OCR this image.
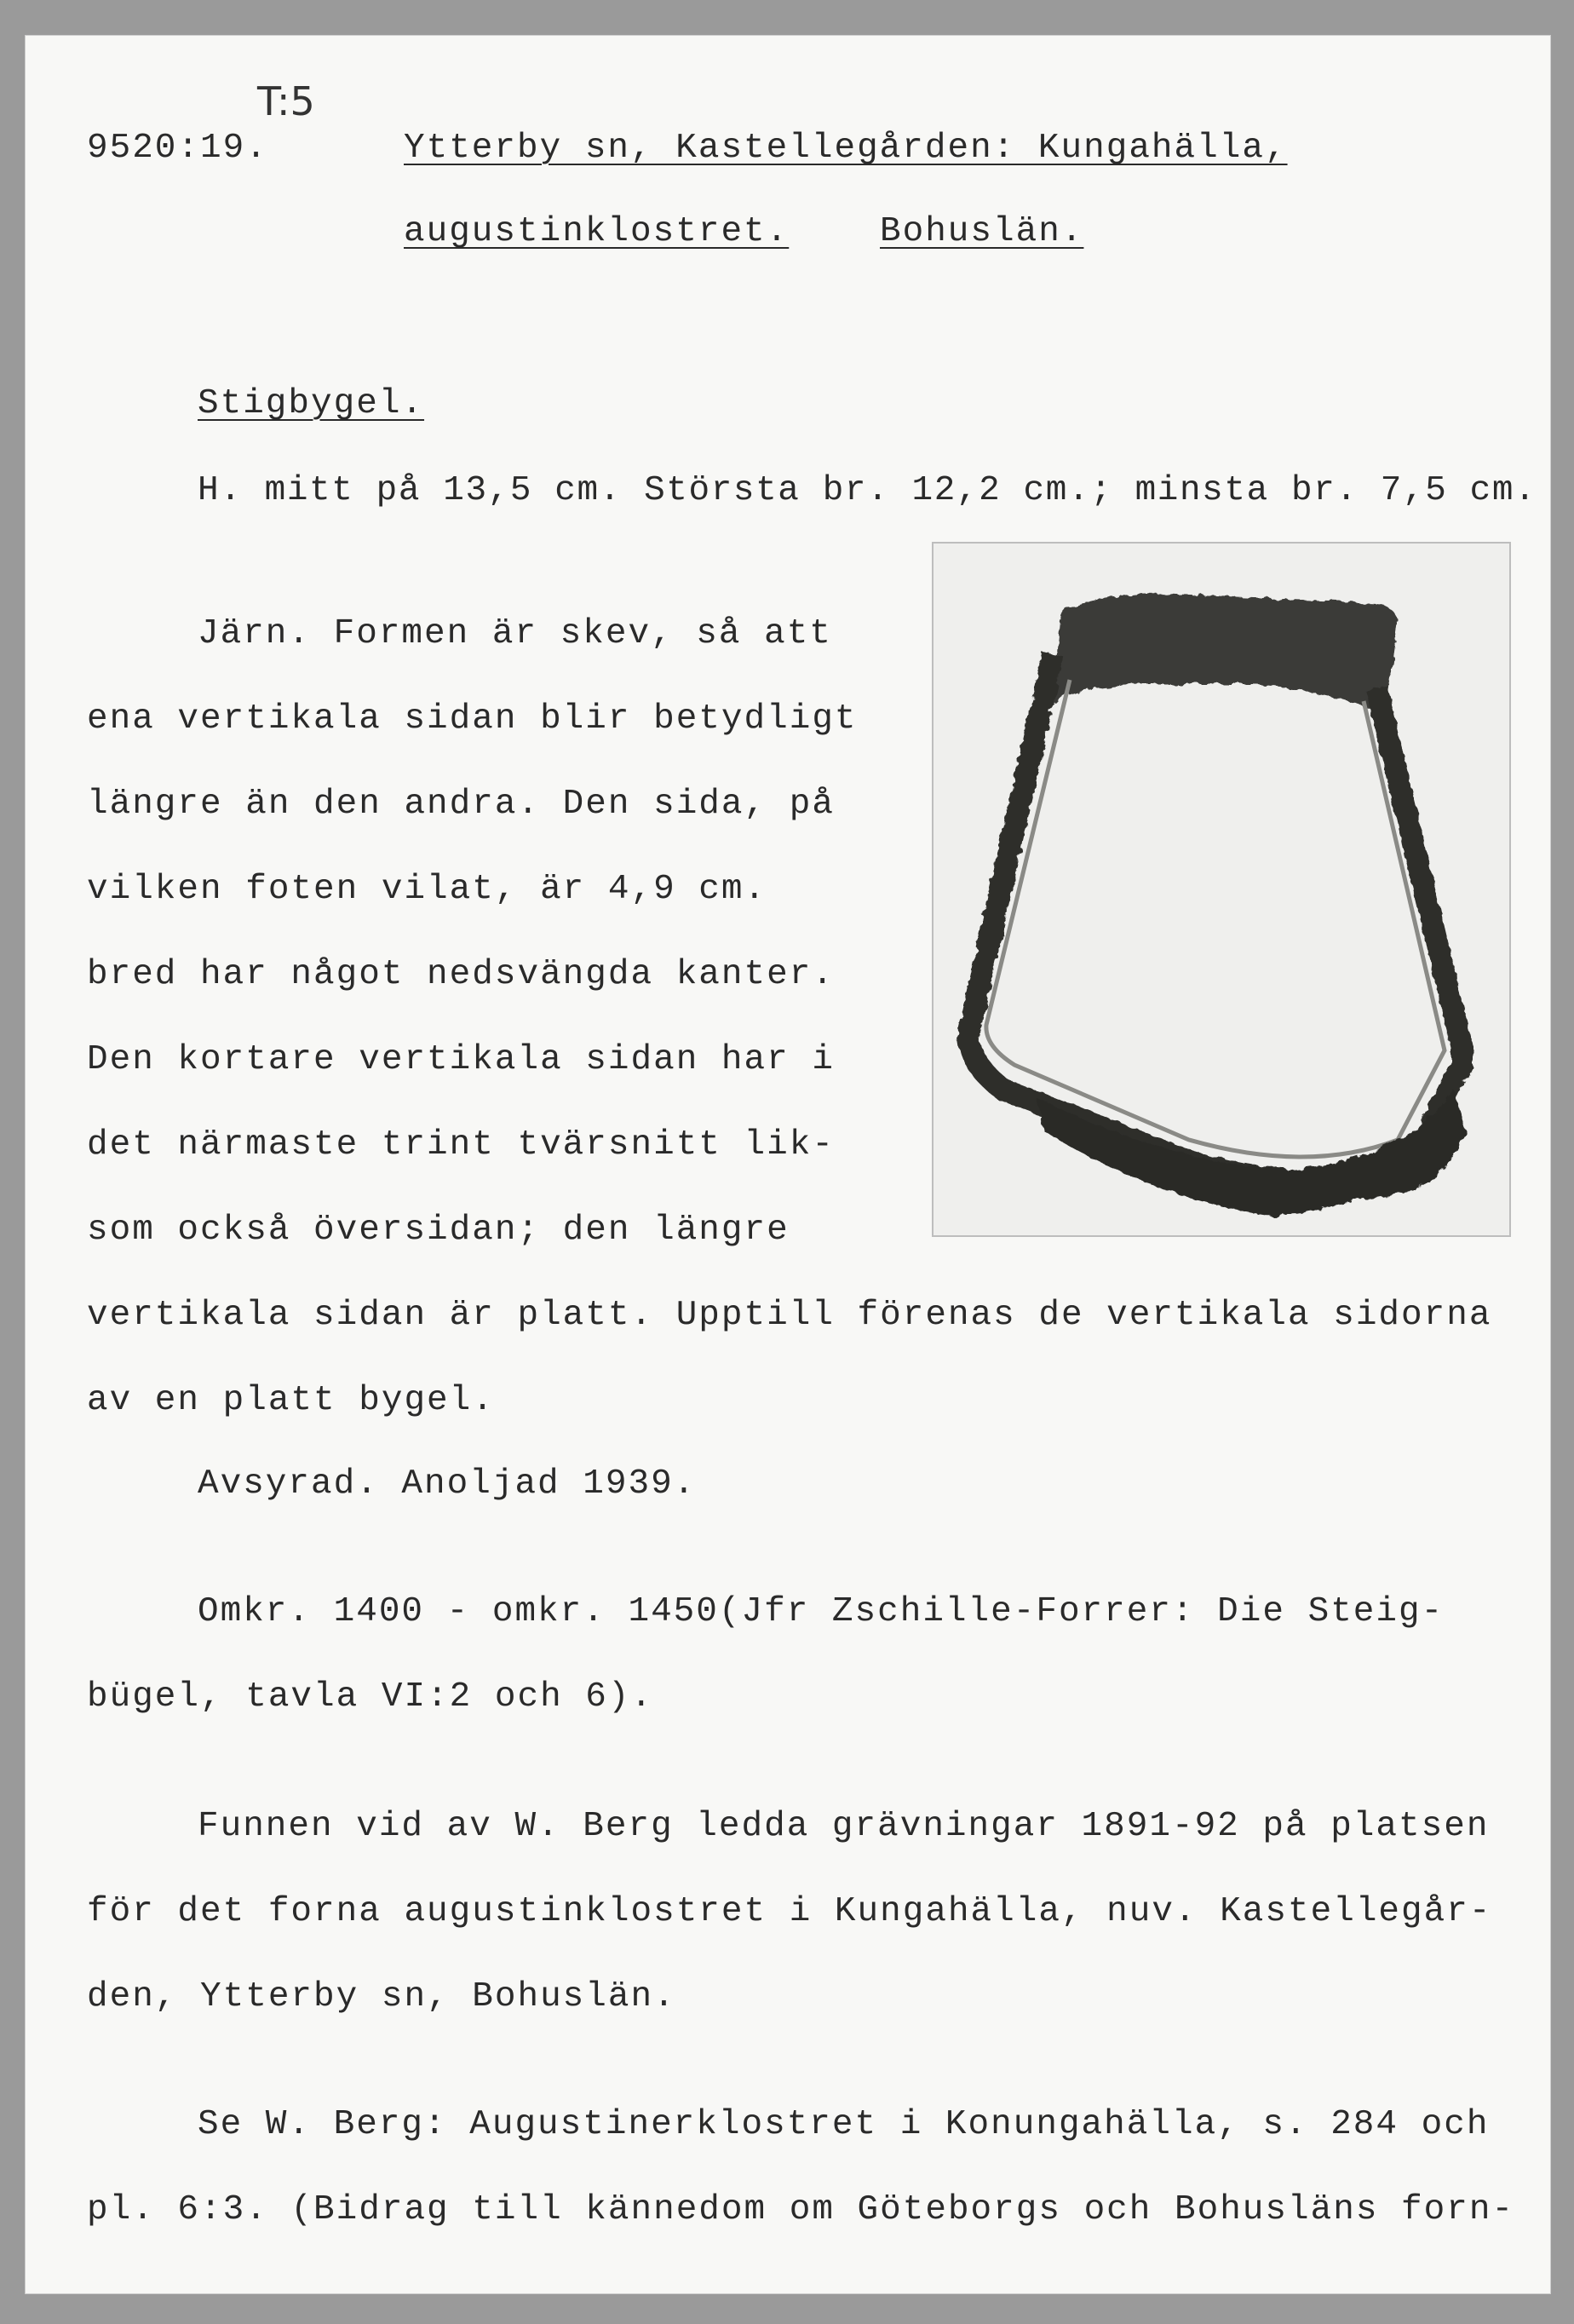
T:5
9520:19.	Ytterby sn, Kastellegården: Kungahälla,
augustinklostret.	Bohuslän.
Stigbygel.
H. mitt på 13,5 cm. Största br. 12,2 cm.; minsta br. 7,5 cm.
Järn. Formen är skev, så att
ena vertikala sidan blir betydligt
längre än den andra. Den sida, på
vilken foten vilat, är 4,9 cm.
bred har något nedsvängda kanter.
Den kortare vertikala sidan har i
det närmaste trint tvärsnitt lik-
som också översidan; den längre
vertikala sidan är platt. Upptill förenas de vertikala sidorna
av en platt bygel.
Avsyrad. Anoljad 1939.
Omkr. 1400 - omkr. 1450(Jfr Zschille-Forrer: Die Steig-
bügel, tavla VI:2 och 6).
Funnen vid av W. Berg ledda grävningar 1891-92 på platsen
för det forna augustinklostret i Kungahälla, nuv. Kastellegår-
den, Ytterby sn, Bohuslän.
Se W. Berg: Augustinerklostret i Konungahälla, s. 284 och
pl. 6:3. (Bidrag till kännedom om Göteborgs och Bohusläns forn-
